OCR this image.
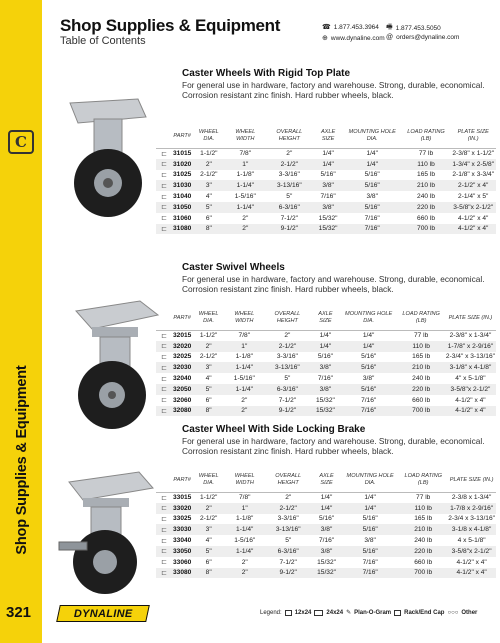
C
Shop Supplies & Equipment
321
Shop Supplies & Equipment
Table of Contents
☎ 1.877.453.3964 🖷 1.877.453.5050
⊕ www.dynaline.com @ orders@dynaline.com
Caster Wheels With Rigid Top Plate
For general use in hardware, factory and warehouse. Strong, durable, economical. Corrosion resistant zinc finish. Hard rubber wheels, black.
	PART#	WHEEL DIA.	WHEEL WIDTH	OVERALL HEIGHT	AXLE SIZE	MOUNTING HOLE DIA.	LOAD RATING (LB)	PLATE SIZE (IN.)
⊏	31015	1-1/2"	7/8"	2"	1/4"	1/4"	77 lb	2-3/8" x 1-1/2"
⊏	31020	2"	1"	2-1/2"	1/4"	1/4"	110 lb	1-3/4" x 2-5/8"
⊏	31025	2-1/2"	1-1/8"	3-3/16"	5/16"	5/16"	165 lb	2-1/8" x 3-3/4"
⊏	31030	3"	1-1/4"	3-13/16"	3/8"	5/16"	210 lb	2-1/2" x 4"
⊏	31040	4"	1-5/16"	5"	7/16"	3/8"	240 lb	2-1/4" x 5"
⊏	31050	5"	1-1/4"	6-3/16"	3/8"	5/16"	220 lb	3-5/8"x 2-1/2"
⊏	31060	6"	2"	7-1/2"	15/32"	7/16"	660 lb	4-1/2" x 4"
⊏	31080	8"	2"	9-1/2"	15/32"	7/16"	700 lb	4-1/2" x 4"
Caster Swivel Wheels
For general use in hardware, factory and warehouse. Strong, durable, economical. Corrosion resistant zinc finish. Hard rubber wheels, black.
	PART#	WHEEL DIA.	WHEEL WIDTH	OVERALL HEIGHT	AXLE SIZE	MOUNTING HOLE DIA.	LOAD RATING (LB)	PLATE SIZE (IN.)
⊏	32015	1-1/2"	7/8"	2"	1/4"	1/4"	77 lb	2-3/8" x 1-3/4"
⊏	32020	2"	1"	2-1/2"	1/4"	1/4"	110 lb	1-7/8" x 2-9/16"
⊏	32025	2-1/2"	1-1/8"	3-3/16"	5/16"	5/16"	165 lb	2-3/4" x 3-13/16"
⊏	32030	3"	1-1/4"	3-13/16"	3/8"	5/16"	210 lb	3-1/8" x 4-1/8"
⊏	32040	4"	1-5/16"	5"	7/16"	3/8"	240 lb	4" x 5-1/8"
⊏	32050	5"	1-1/4"	6-3/16"	3/8"	5/16"	220 lb	3-5/8"x 2-1/2"
⊏	32060	6"	2"	7-1/2"	15/32"	7/16"	660 lb	4-1/2" x 4"
⊏	32080	8"	2"	9-1/2"	15/32"	7/16"	700 lb	4-1/2" x 4"
Caster Wheel With Side Locking Brake
For general use in hardware, factory and warehouse. Strong, durable, economical. Corrosion resistant zinc finish. Hard rubber wheels, black.
	PART#	WHEEL DIA.	WHEEL WIDTH	OVERALL HEIGHT	AXLE SIZE	MOUNTING HOLE DIA.	LOAD RATING (LB)	PLATE SIZE (IN.)
⊏	33015	1-1/2"	7/8"	2"	1/4"	1/4"	77 lb	2-3/8 x 1-3/4"
⊏	33020	2"	1"	2-1/2"	1/4"	1/4"	110 lb	1-7/8 x 2-9/16"
⊏	33025	2-1/2"	1-1/8"	3-3/16"	5/16"	5/16"	165 lb	2-3/4 x 3-13/16"
⊏	33030	3"	1-1/4"	3-13/16"	3/8"	5/16"	210 lb	3-1/8 x 4-1/8"
⊏	33040	4"	1-5/16"	5"	7/16"	3/8"	240 lb	4 x 5-1/8"
⊏	33050	5"	1-1/4"	6-3/16"	3/8"	5/16"	220 lb	3-5/8"x 2-1/2"
⊏	33060	6"	2"	7-1/2"	15/32"	7/16"	660 lb	4-1/2" x 4"
⊏	33080	8"	2"	9-1/2"	15/32"	7/16"	700 lb	4-1/2" x 4"
DYNALINE	Legend: 12x24	24x24 ✎ Plan-O-Gram Rack/End Cap ○○○ Other
